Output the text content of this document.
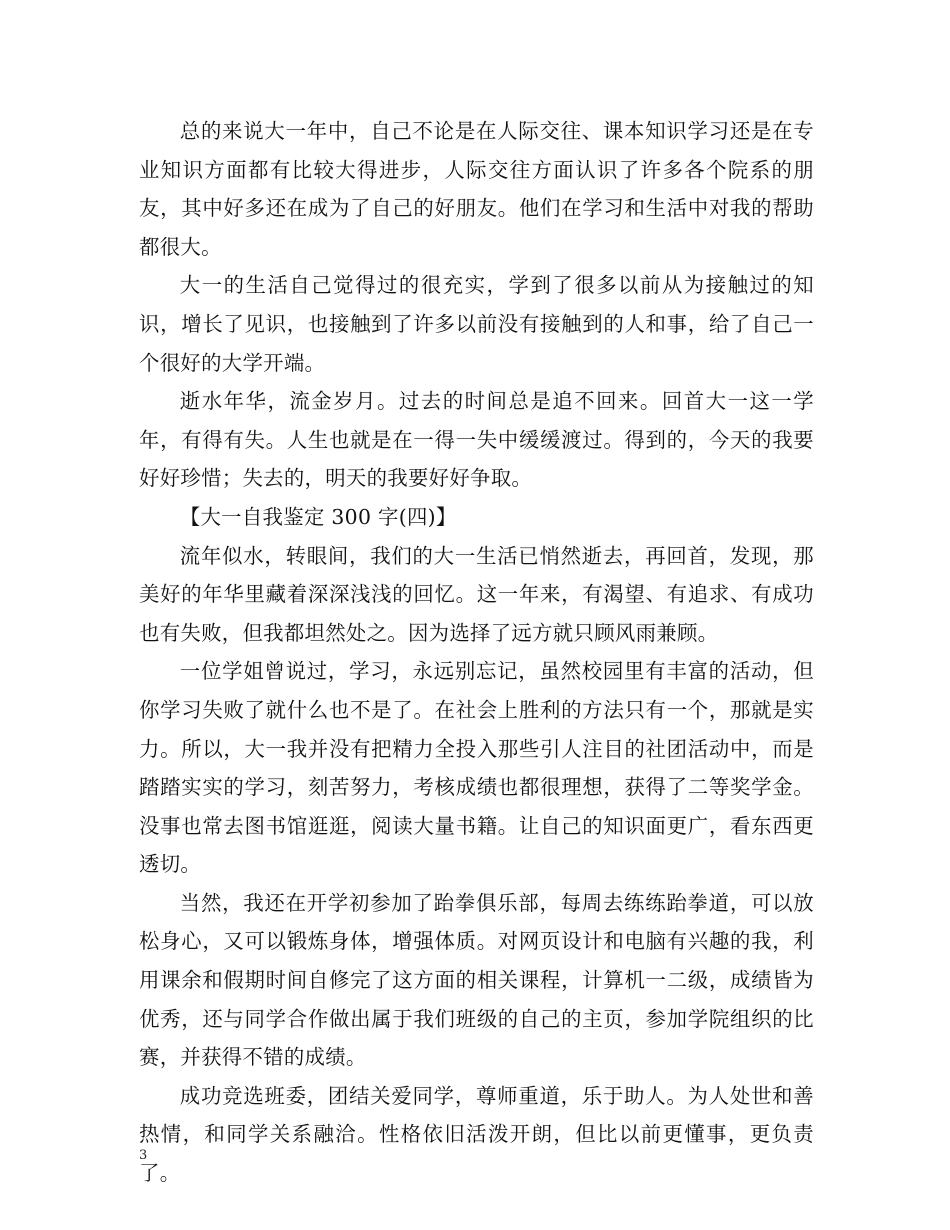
总的来说大一年中，自己不论是在人际交往、课本知识学习还是在专业知识方面都有比较大得进步，人际交往方面认识了许多各个院系的朋友，其中好多还在成为了自己的好朋友。他们在学习和生活中对我的帮助都很大。

大一的生活自己觉得过的很充实，学到了很多以前从为接触过的知识，增长了见识，也接触到了许多以前没有接触到的人和事，给了自己一个很好的大学开端。

逝水年华，流金岁月。过去的时间总是追不回来。回首大一这一学年，有得有失。人生也就是在一得一失中缓缓渡过。得到的，今天的我要好好珍惜；失去的，明天的我要好好争取。

【大一自我鉴定 300 字(四)】

流年似水，转眼间，我们的大一生活已悄然逝去，再回首，发现，那美好的年华里藏着深深浅浅的回忆。这一年来，有渴望、有追求、有成功也有失败，但我都坦然处之。因为选择了远方就只顾风雨兼顾。

一位学姐曾说过，学习，永远别忘记，虽然校园里有丰富的活动，但你学习失败了就什么也不是了。在社会上胜利的方法只有一个，那就是实力。所以，大一我并没有把精力全投入那些引人注目的社团活动中，而是踏踏实实的学习，刻苦努力，考核成绩也都很理想，获得了二等奖学金。没事也常去图书馆逛逛，阅读大量书籍。让自己的知识面更广，看东西更透切。

当然，我还在开学初参加了跆拳俱乐部，每周去练练跆拳道，可以放松身心，又可以锻炼身体，增强体质。对网页设计和电脑有兴趣的我，利用课余和假期时间自修完了这方面的相关课程，计算机一二级，成绩皆为优秀，还与同学合作做出属于我们班级的自己的主页，参加学院组织的比赛，并获得不错的成绩。

成功竞选班委，团结关爱同学，尊师重道，乐于助人。为人处世和善热情，和同学关系融洽。性格依旧活泼开朗，但比以前更懂事，更负责了。

3
